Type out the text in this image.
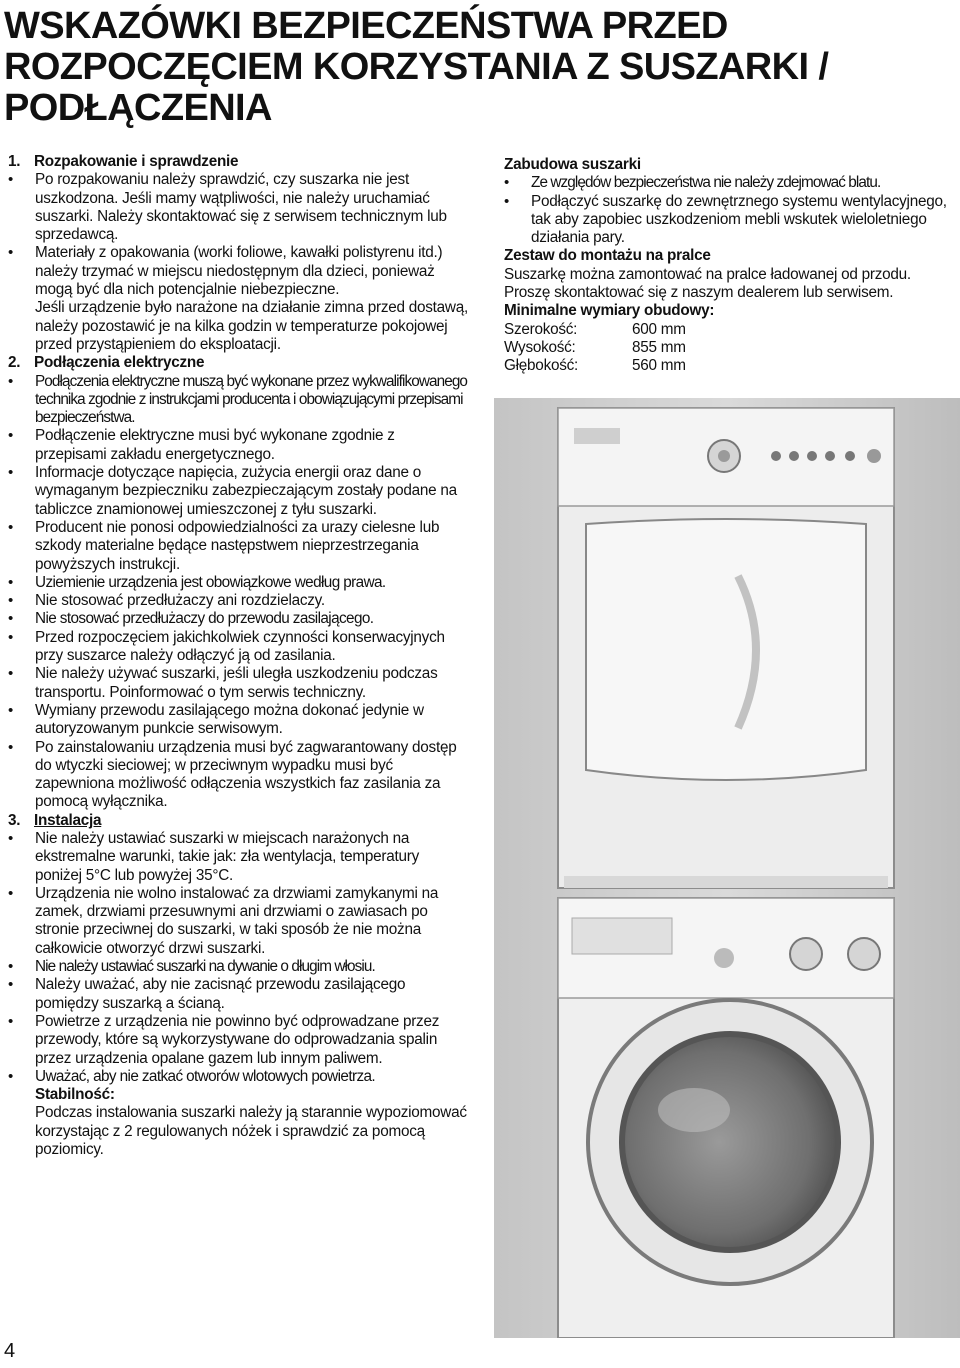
WSKAZÓWKI BEZPIECZEŃSTWA PRZED ROZPOCZĘCIEM KORZYSTANIA Z SUSZARKI / PODŁĄCZENIA
1. Rozpakowanie i sprawdzenie
• Po rozpakowaniu należy sprawdzić, czy suszarka nie jest uszkodzona. Jeśli mamy wątpliwości, nie należy uruchamiać suszarki. Należy skontaktować się z serwisem technicznym lub sprzedawcą.
• Materiały z opakowania (worki foliowe, kawałki polistyrenu itd.) należy trzymać w miejscu niedostępnym dla dzieci, ponieważ mogą być dla nich potencjalnie niebezpieczne.
Jeśli urządzenie było narażone na działanie zimna przed dostawą, należy pozostawić je na kilka godzin w temperaturze pokojowej przed przystąpieniem do eksploatacji.
2. Podłączenia elektryczne
• Podłączenia elektryczne muszą być wykonane przez wykwalifikowanego technika zgodnie z instrukcjami producenta i obowiązującymi przepisami bezpieczeństwa.
• Podłączenie elektryczne musi być wykonane zgodnie z przepisami zakładu energetycznego.
• Informacje dotyczące napięcia, zużycia energii oraz dane o wymaganym bezpieczniku zabezpieczającym zostały podane na tabliczce znamionowej umieszczonej z tyłu suszarki.
• Producent nie ponosi odpowiedzialności za urazy cielesne lub szkody materialne będące następstwem nieprzestrzegania powyższych instrukcji.
• Uziemienie urządzenia jest obowiązkowe według prawa.
• Nie stosować przedłużaczy ani rozdzielaczy.
• Nie stosować przedłużaczy do przewodu zasilającego.
• Przed rozpoczęciem jakichkolwiek czynności konserwacyjnych przy suszarce należy odłączyć ją od zasilania.
• Nie należy używać suszarki, jeśli uległa uszkodzeniu podczas transportu. Poinformować o tym serwis techniczny.
• Wymiany przewodu zasilającego można dokonać jedynie w autoryzowanym punkcie serwisowym.
• Po zainstalowaniu urządzenia musi być zagwarantowany dostęp do wtyczki sieciowej; w przeciwnym wypadku musi być zapewniona możliwość odłączenia wszystkich faz zasilania za pomocą wyłącznika.
3. Instalacja
• Nie należy ustawiać suszarki w miejscach narażonych na ekstremalne warunki, takie jak: zła wentylacja, temperatury poniżej 5°C lub powyżej 35°C.
• Urządzenia nie wolno instalować za drzwiami zamykanymi na zamek, drzwiami przesuwnymi ani drzwiami o zawiasach po stronie przeciwnej do suszarki, w taki sposób że nie można całkowicie otworzyć drzwi suszarki.
• Nie należy ustawiać suszarki na dywanie o długim włosiu.
• Należy uważać, aby nie zacisnąć przewodu zasilającego pomiędzy suszarką a ścianą.
• Powietrze z urządzenia nie powinno być odprowadzane przez przewody, które są wykorzystywane do odprowadzania spalin przez urządzenia opalane gazem lub innym paliwem.
• Uważać, aby nie zatkać otworów wlotowych powietrza.
Stabilność:
Podczas instalowania suszarki należy ją starannie wypoziomować korzystając z 2 regulowanych nóżek i sprawdzić za pomocą poziomicy.
Zabudowa suszarki
• Ze względów bezpieczeństwa nie należy zdejmować blatu.
• Podłączyć suszarkę do zewnętrznego systemu wentylacyjnego, tak aby zapobiec uszkodzeniom mebli wskutek wieloletniego działania pary.
Zestaw do montażu na pralce
Suszarkę można zamontować na pralce ładowanej od przodu. Proszę skontaktować się z naszym dealerem lub serwisem.
Minimalne wymiary obudowy:
Szerokość:	600 mm
Wysokość:	855 mm
Głębokość:	560 mm
4
